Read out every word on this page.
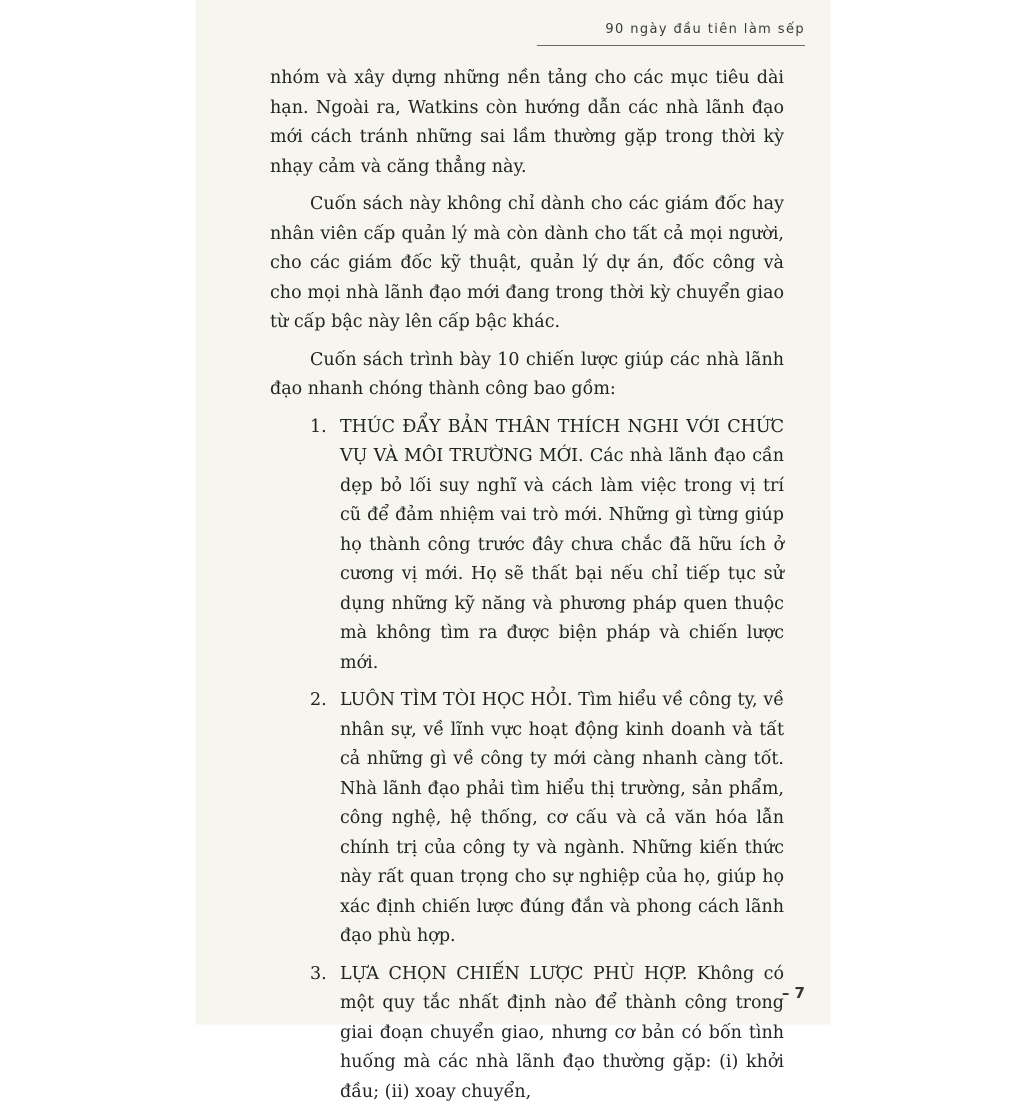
90 ngày đầu tiên làm sếp

nhóm và xây dựng những nền tảng cho các mục tiêu dài hạn. Ngoài ra, Watkins còn hướng dẫn các nhà lãnh đạo mới cách tránh những sai lầm thường gặp trong thời kỳ nhạy cảm và căng thẳng này.

Cuốn sách này không chỉ dành cho các giám đốc hay nhân viên cấp quản lý mà còn dành cho tất cả mọi người, cho các giám đốc kỹ thuật, quản lý dự án, đốc công và cho mọi nhà lãnh đạo mới đang trong thời kỳ chuyển giao từ cấp bậc này lên cấp bậc khác.

Cuốn sách trình bày 10 chiến lược giúp các nhà lãnh đạo nhanh chóng thành công bao gồm:

1. THÚC ĐẨY BẢN THÂN THÍCH NGHI VỚI CHỨC VỤ VÀ MÔI TRƯỜNG MỚI. Các nhà lãnh đạo cần dẹp bỏ lối suy nghĩ và cách làm việc trong vị trí cũ để đảm nhiệm vai trò mới. Những gì từng giúp họ thành công trước đây chưa chắc đã hữu ích ở cương vị mới. Họ sẽ thất bại nếu chỉ tiếp tục sử dụng những kỹ năng và phương pháp quen thuộc mà không tìm ra được biện pháp và chiến lược mới.
2. LUÔN TÌM TÒI HỌC HỎI. Tìm hiểu về công ty, về nhân sự, về lĩnh vực hoạt động kinh doanh và tất cả những gì về công ty mới càng nhanh càng tốt. Nhà lãnh đạo phải tìm hiểu thị trường, sản phẩm, công nghệ, hệ thống, cơ cấu và cả văn hóa lẫn chính trị của công ty và ngành. Những kiến thức này rất quan trọng cho sự nghiệp của họ, giúp họ xác định chiến lược đúng đắn và phong cách lãnh đạo phù hợp.
3. LỰA CHỌN CHIẾN LƯỢC PHÙ HỢP. Không có một quy tắc nhất định nào để thành công trong giai đoạn chuyển giao, nhưng cơ bản có bốn tình huống mà các nhà lãnh đạo thường gặp: (i) khởi đầu; (ii) xoay chuyển,
– 7
